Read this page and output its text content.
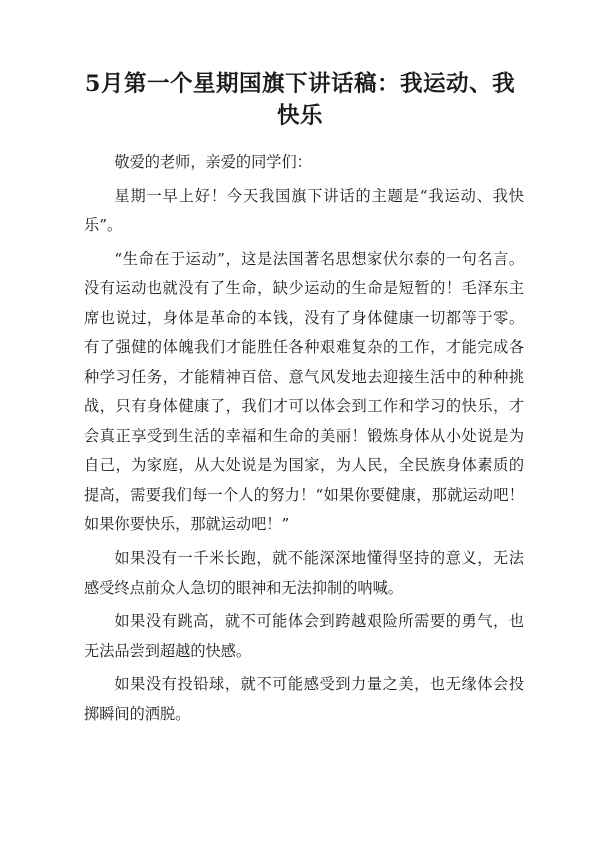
5月第一个星期国旗下讲话稿：我运动、我快乐

敬爱的老师，亲爱的同学们：

星期一早上好！今天我国旗下讲话的主题是“我运动、我快乐”。

“生命在于运动”，这是法国著名思想家伏尔泰的一句名言。没有运动也就没有了生命，缺少运动的生命是短暂的！毛泽东主席也说过，身体是革命的本钱，没有了身体健康一切都等于零。有了强健的体魄我们才能胜任各种艰难复杂的工作，才能完成各种学习任务，才能精神百倍、意气风发地去迎接生活中的种种挑战，只有身体健康了，我们才可以体会到工作和学习的快乐，才会真正享受到生活的幸福和生命的美丽！锻炼身体从小处说是为自己，为家庭，从大处说是为国家，为人民，全民族身体素质的提高，需要我们每一个人的努力！“如果你要健康，那就运动吧！如果你要快乐，那就运动吧！”

如果没有一千米长跑，就不能深深地懂得坚持的意义，无法感受终点前众人急切的眼神和无法抑制的呐喊。

如果没有跳高，就不可能体会到跨越艰险所需要的勇气，也无法品尝到超越的快感。

如果没有投铅球，就不可能感受到力量之美，也无缘体会投掷瞬间的洒脱。
